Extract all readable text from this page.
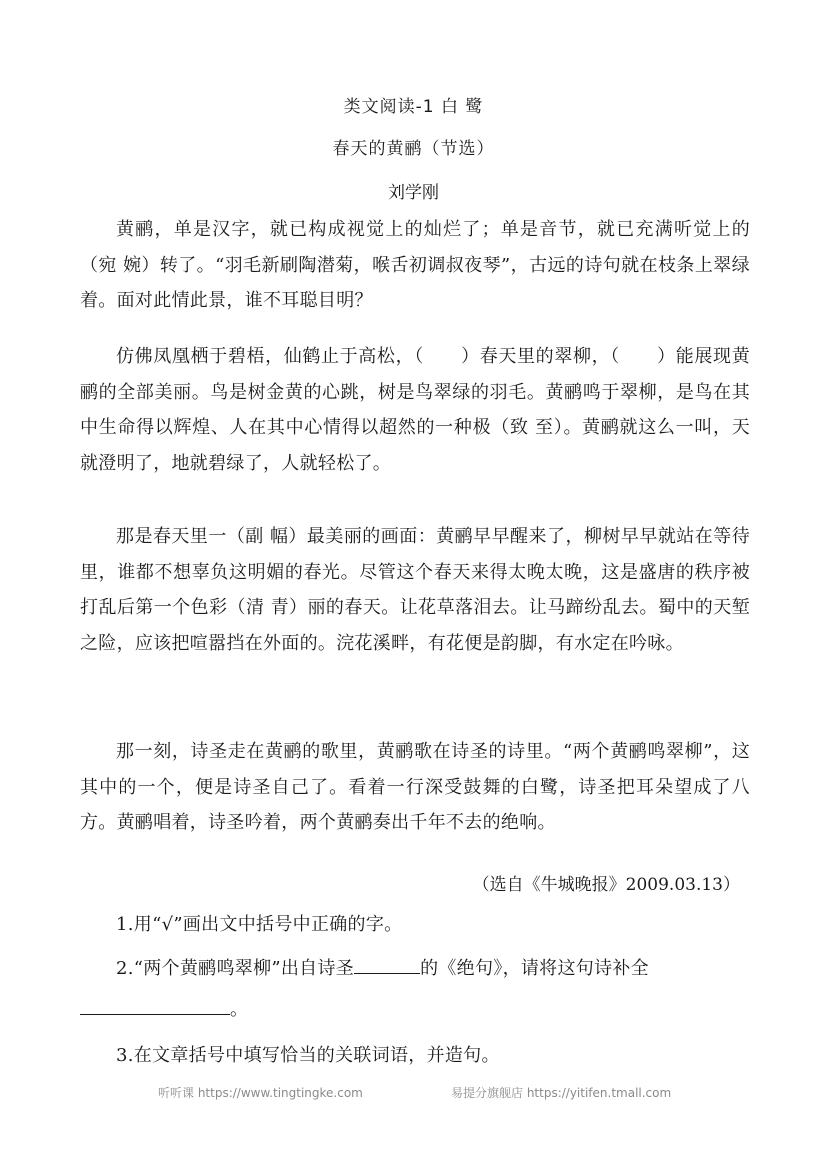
类文阅读-1 白 鹭
春天的黄鹂（节选）
刘学刚

黄鹂，单是汉字，就已构成视觉上的灿烂了；单是音节，就已充满听觉上的（宛 婉）转了。“羽毛新刷陶潜菊，喉舌初调叔夜琴”，古远的诗句就在枝条上翠绿着。面对此情此景，谁不耳聪目明？

仿佛凤凰栖于碧梧，仙鹤止于高松，（　　）春天里的翠柳，（　　）能展现黄鹂的全部美丽。鸟是树金黄的心跳，树是鸟翠绿的羽毛。黄鹂鸣于翠柳，是鸟在其中生命得以辉煌、人在其中心情得以超然的一种极（致 至）。黄鹂就这么一叫，天就澄明了，地就碧绿了，人就轻松了。

那是春天里一（副 幅）最美丽的画面：黄鹂早早醒来了，柳树早早就站在等待里，谁都不想辜负这明媚的春光。尽管这个春天来得太晚太晚，这是盛唐的秩序被打乱后第一个色彩（清 青）丽的春天。让花草落泪去。让马蹄纷乱去。蜀中的天堑之险，应该把喧嚣挡在外面的。浣花溪畔，有花便是韵脚，有水定在吟咏。

那一刻，诗圣走在黄鹂的歌里，黄鹂歌在诗圣的诗里。“两个黄鹂鸣翠柳”，这其中的一个，便是诗圣自己了。看着一行深受鼓舞的白鹭，诗圣把耳朵望成了八方。黄鹂唱着，诗圣吟着，两个黄鹂奏出千年不去的绝响。

（选自《牛城晚报》2009.03.13）

1.用“√”画出文中括号中正确的字。

2.“两个黄鹂鸣翠柳”出自诗圣	的《绝句》，请将这句诗补全。

3.在文章括号中填写恰当的关联词语，并造句。

听听课 https://www.tingtingke.com	易提分旗舰店 https://yitifen.tmall.com
